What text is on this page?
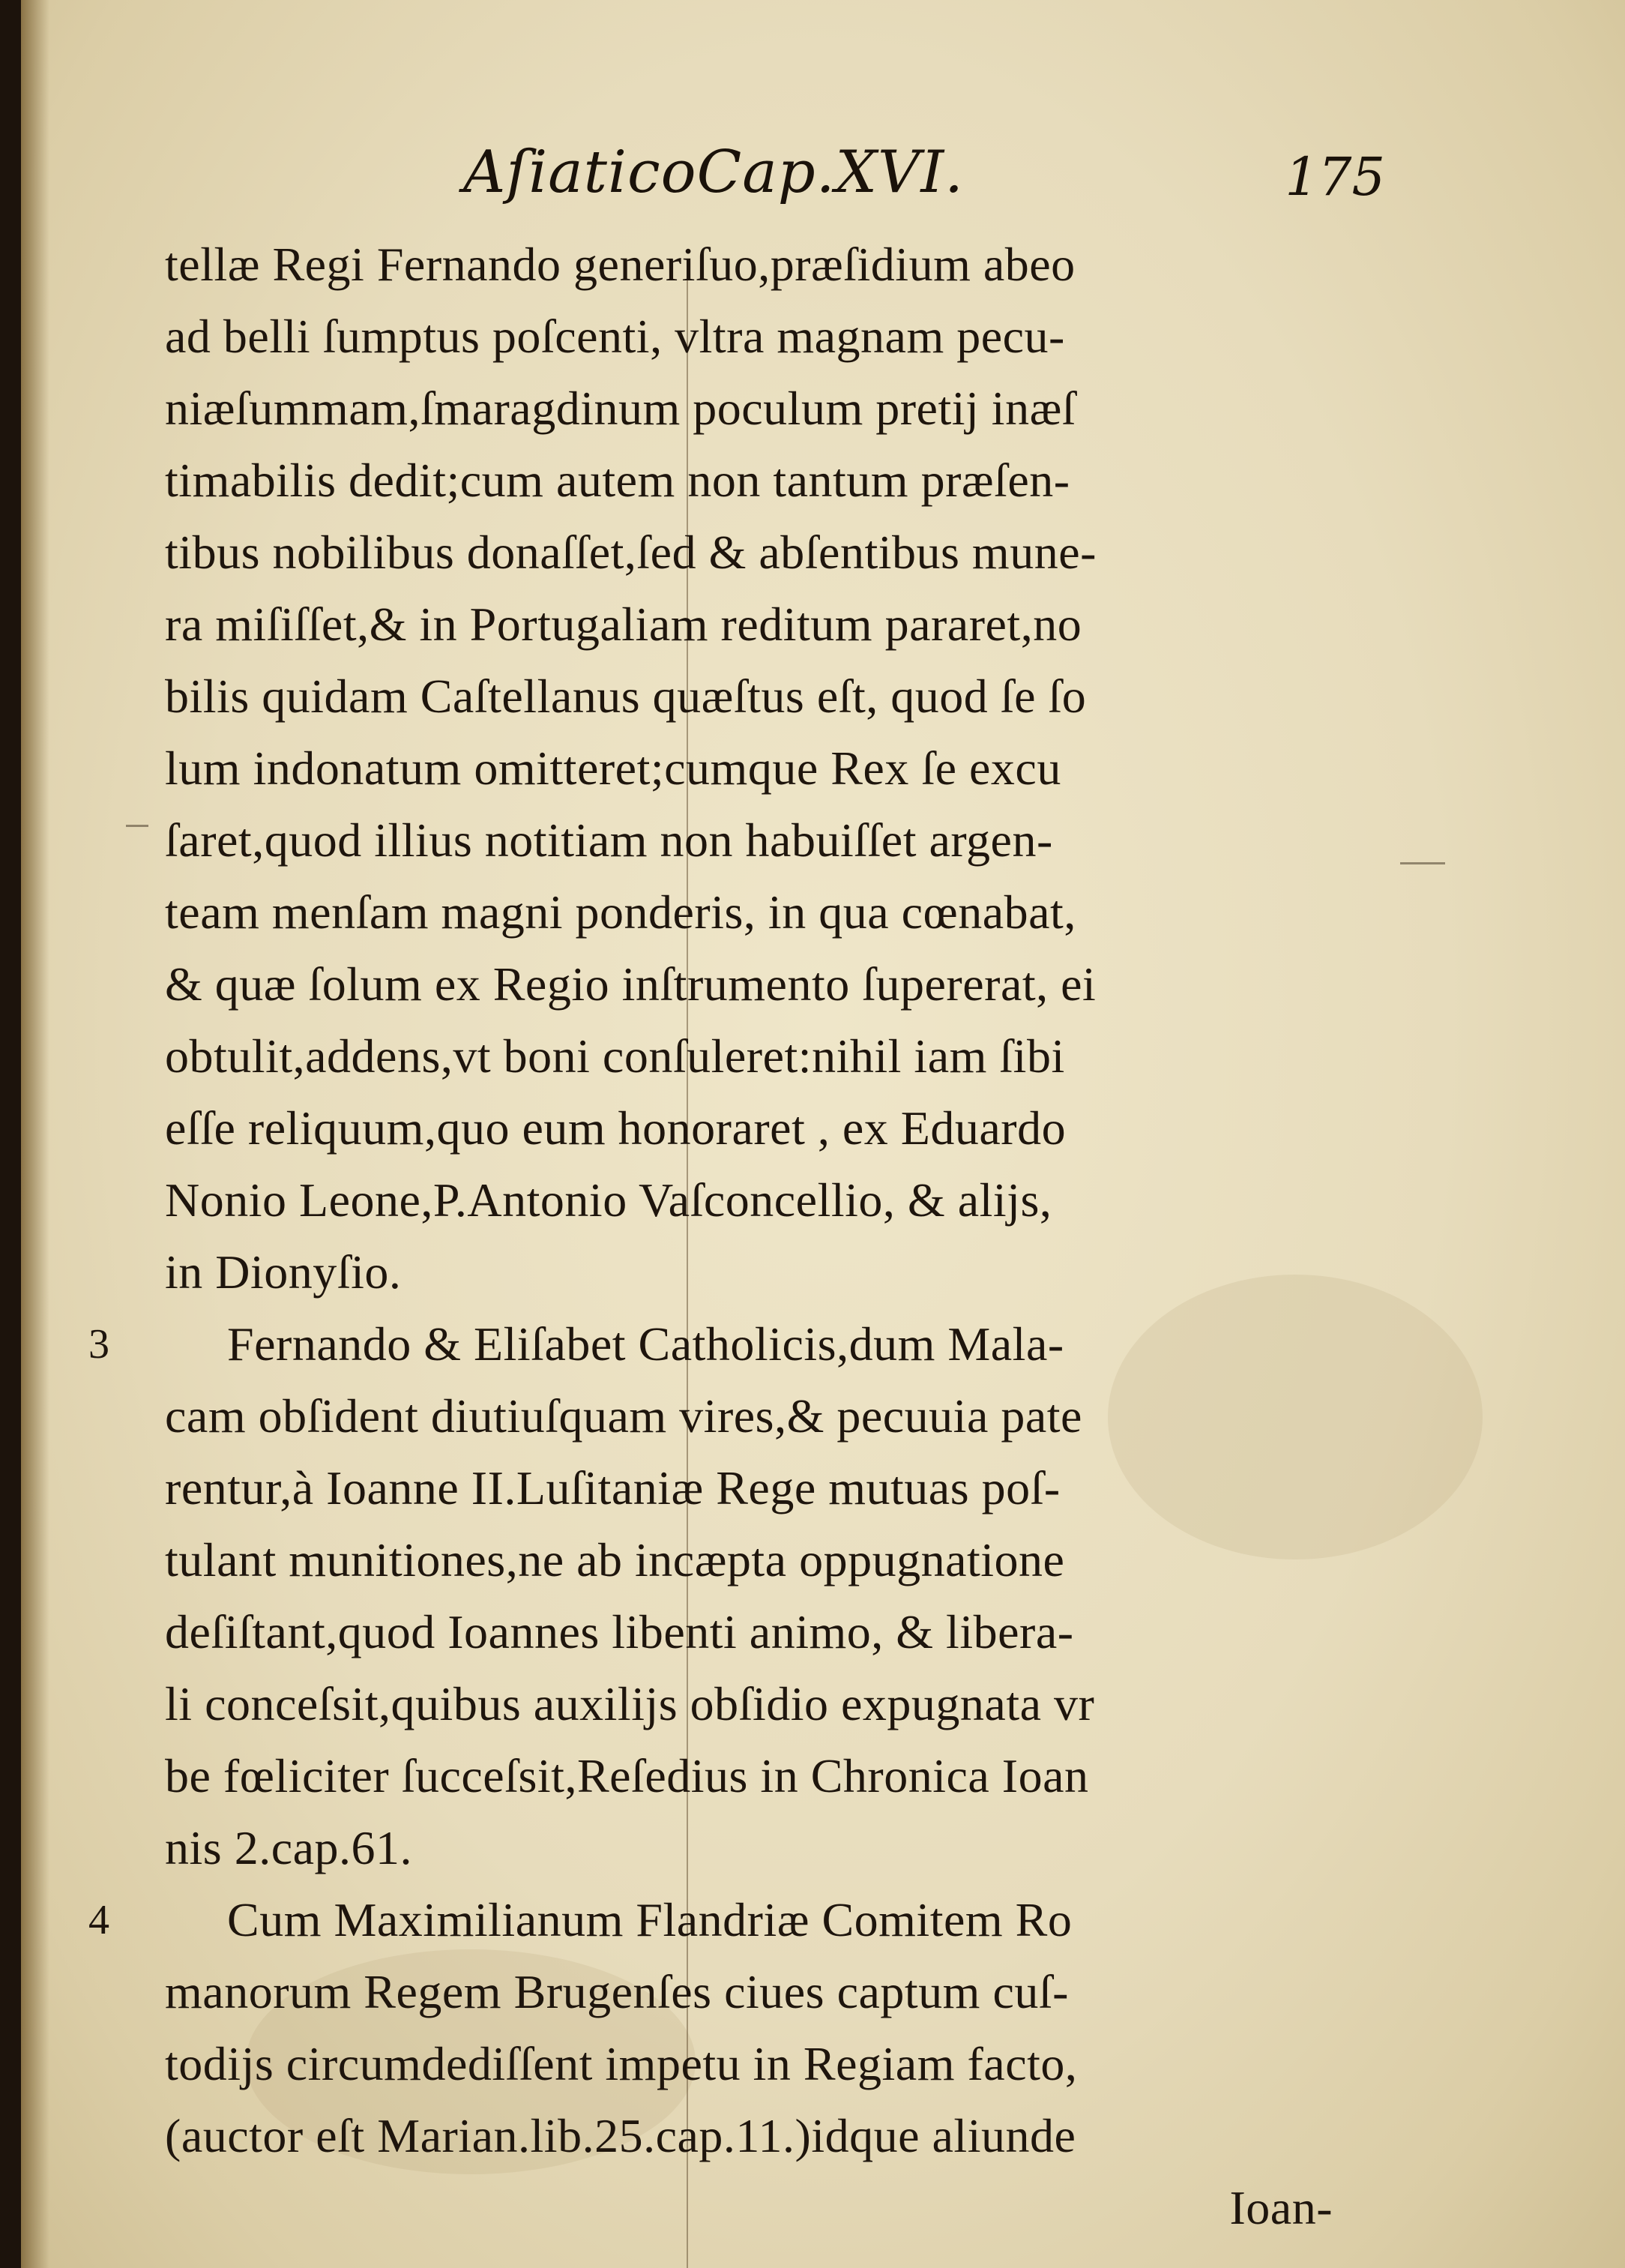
AſiaticoCap.XVI.	175
tellæ Regi Fernando generiſuo,præſidium abeo
ad belli ſumptus poſcenti, vltra magnam pecu-
niæſummam,ſmaragdinum poculum pretij inæſ
timabilis dedit;cum autem non tantum præſen-
tibus nobilibus donaſſet,ſed & abſentibus mune-
ra miſiſſet,& in Portugaliam reditum pararet,no
bilis quidam Caſtellanus quæſtus eſt, quod ſe ſo
lum indonatum omitteret;cumque Rex ſe excu
ſaret,quod illius notitiam non habuiſſet argen-
team menſam magni ponderis, in qua cœnabat,
& quæ ſolum ex Regio inſtrumento ſupererat, ei
obtulit,addens,vt boni conſuleret:nihil iam ſibi
eſſe reliquum,quo eum honoraret , ex Eduardo
Nonio Leone,P.Antonio Vaſconcellio, & alijs,
in Dionyſio.
3	Fernando & Eliſabet Catholicis,dum Mala-
cam obſident diutiuſquam vires,& pecuuia pate
rentur,à Ioanne II.Luſitaniæ Rege mutuas poſ-
tulant munitiones,ne ab incæpta oppugnatione
deſiſtant,quod Ioannes libenti animo, & libera-
li conceſsit,quibus auxilijs obſidio expugnata vr
be fœliciter ſucceſsit,Reſedius in Chronica Ioan
nis 2.cap.61.
4	Cum Maximilianum Flandriæ Comitem Ro
manorum Regem Brugenſes ciues captum cuſ-
todijs circumdediſſent impetu in Regiam facto,
(auctor eſt Marian.lib.25.cap.11.)idque aliunde
Ioan-
